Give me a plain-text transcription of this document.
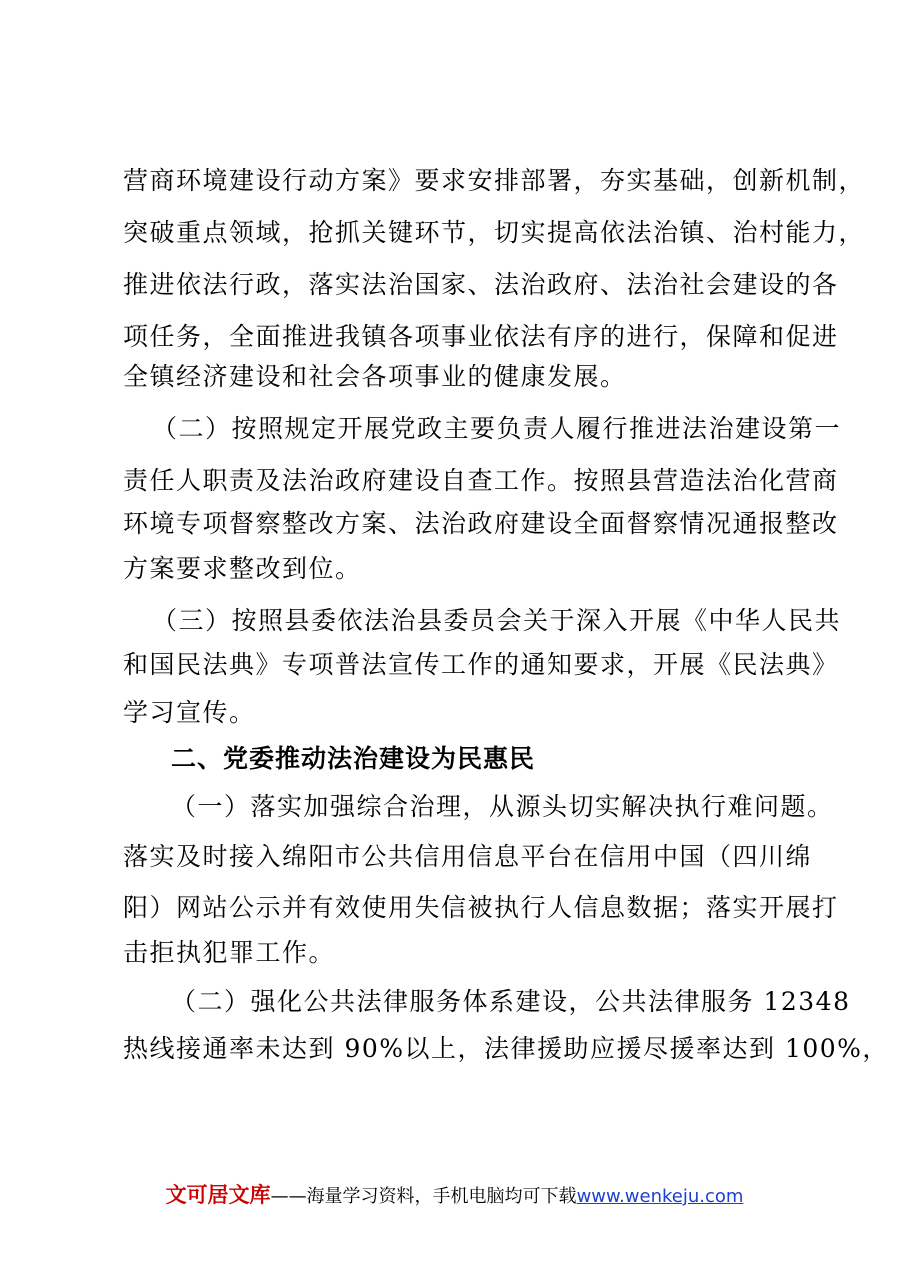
营商环境建设行动方案》要求安排部署，夯实基础，创新机制，
突破重点领域，抢抓关键环节，切实提高依法治镇、治村能力，
推进依法行政，落实法治国家、法治政府、法治社会建设的各
项任务，全面推进我镇各项事业依法有序的进行，保障和促进
全镇经济建设和社会各项事业的健康发展。
（二）按照规定开展党政主要负责人履行推进法治建设第一
责任人职责及法治政府建设自查工作。按照县营造法治化营商
环境专项督察整改方案、法治政府建设全面督察情况通报整改
方案要求整改到位。
（三）按照县委依法治县委员会关于深入开展《中华人民共
和国民法典》专项普法宣传工作的通知要求，开展《民法典》
学习宣传。
二、党委推动法治建设为民惠民
（一）落实加强综合治理，从源头切实解决执行难问题。
落实及时接入绵阳市公共信用信息平台在信用中国（四川绵
阳）网站公示并有效使用失信被执行人信息数据；落实开展打
击拒执犯罪工作。
（二）强化公共法律服务体系建设，公共法律服务 12348
热线接通率未达到 90%以上，法律援助应援尽援率达到 100%，
文可居文库——海量学习资料，手机电脑均可下载www.wenkeju.com
